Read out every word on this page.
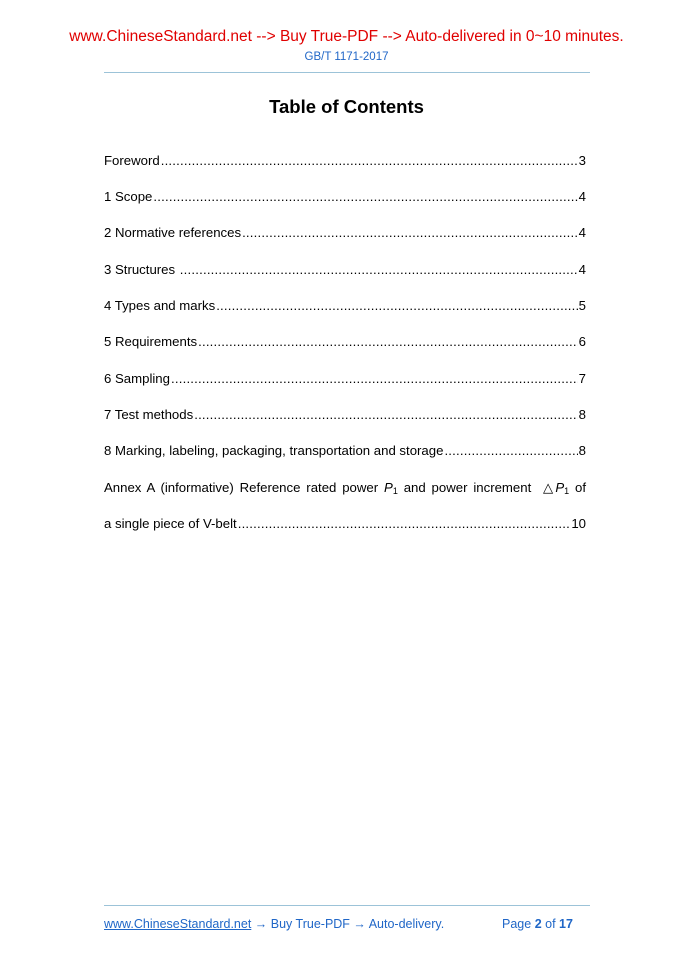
www.ChineseStandard.net --> Buy True-PDF --> Auto-delivered in 0~10 minutes.
GB/T 1171-2017
Table of Contents
Foreword .....	3
1 Scope .....	4
2 Normative references .....	4
3 Structures .....	4
4 Types and marks .....	5
5 Requirements .....	6
6 Sampling .....	7
7 Test methods .....	8
8 Marking, labeling, packaging, transportation and storage .....	8
Annex A (informative) Reference rated power $P_1$ and power increment  $\triangle P_1$ of
a single piece of V-belt .....	10
www.ChineseStandard.net → Buy True-PDF → Auto-delivery.	Page 2 of 17
